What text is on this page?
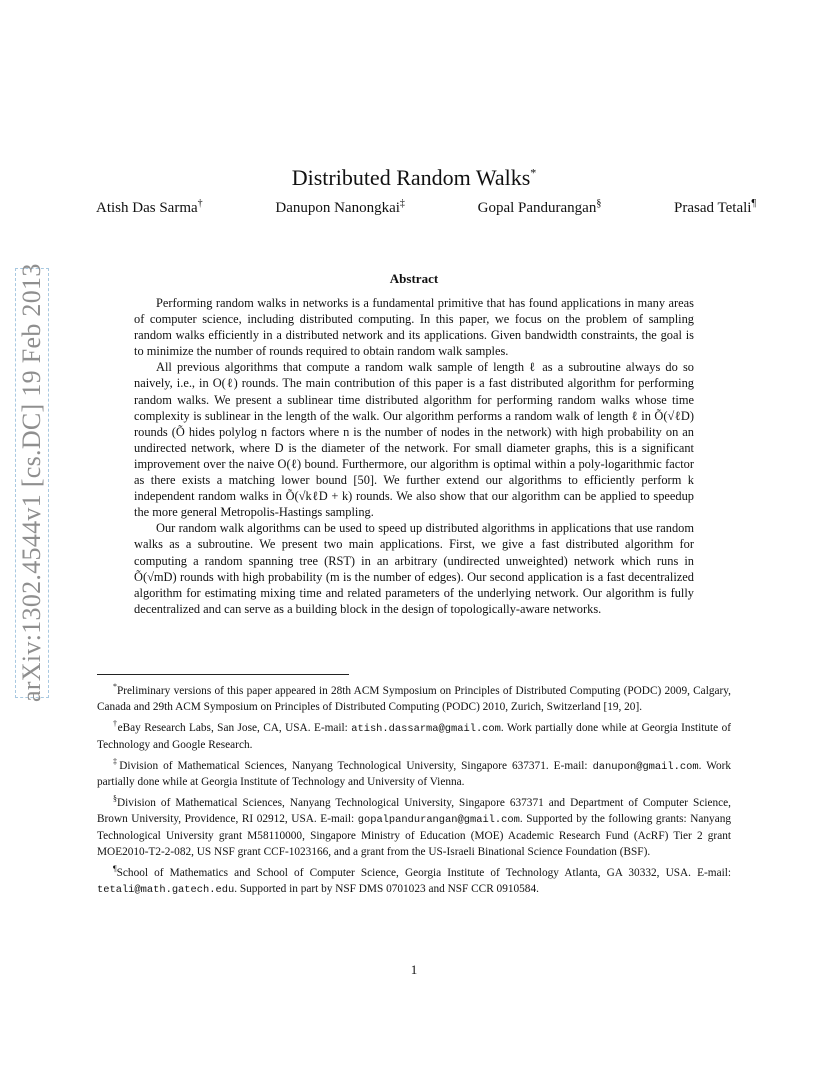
arXiv:1302.4544v1 [cs.DC] 19 Feb 2013
Distributed Random Walks*
Atish Das Sarma†	Danupon Nanongkai‡	Gopal Pandurangan§	Prasad Tetali¶
Abstract

Performing random walks in networks is a fundamental primitive that has found applications in many areas of computer science, including distributed computing. In this paper, we focus on the problem of sampling random walks efficiently in a distributed network and its applications. Given bandwidth constraints, the goal is to minimize the number of rounds required to obtain random walk samples.

All previous algorithms that compute a random walk sample of length ℓ as a subroutine always do so naively, i.e., in O(ℓ) rounds. The main contribution of this paper is a fast distributed algorithm for performing random walks. We present a sublinear time distributed algorithm for performing random walks whose time complexity is sublinear in the length of the walk. Our algorithm performs a random walk of length ℓ in Õ(√ℓD) rounds (Õ hides polylog n factors where n is the number of nodes in the network) with high probability on an undirected network, where D is the diameter of the network. For small diameter graphs, this is a significant improvement over the naive O(ℓ) bound. Furthermore, our algorithm is optimal within a poly-logarithmic factor as there exists a matching lower bound [50]. We further extend our algorithms to efficiently perform k independent random walks in Õ(√kℓD + k) rounds. We also show that our algorithm can be applied to speedup the more general Metropolis-Hastings sampling.

Our random walk algorithms can be used to speed up distributed algorithms in applications that use random walks as a subroutine. We present two main applications. First, we give a fast distributed algorithm for computing a random spanning tree (RST) in an arbitrary (undirected unweighted) network which runs in Õ(√mD) rounds with high probability (m is the number of edges). Our second application is a fast decentralized algorithm for estimating mixing time and related parameters of the underlying network. Our algorithm is fully decentralized and can serve as a building block in the design of topologically-aware networks.

*Preliminary versions of this paper appeared in 28th ACM Symposium on Principles of Distributed Computing (PODC) 2009, Calgary, Canada and 29th ACM Symposium on Principles of Distributed Computing (PODC) 2010, Zurich, Switzerland [19, 20].

†eBay Research Labs, San Jose, CA, USA. E-mail: atish.dassarma@gmail.com. Work partially done while at Georgia Institute of Technology and Google Research.

‡Division of Mathematical Sciences, Nanyang Technological University, Singapore 637371. E-mail: danupon@gmail.com. Work partially done while at Georgia Institute of Technology and University of Vienna.

§Division of Mathematical Sciences, Nanyang Technological University, Singapore 637371 and Department of Computer Science, Brown University, Providence, RI 02912, USA. E-mail: gopalpandurangan@gmail.com. Supported by the following grants: Nanyang Technological University grant M58110000, Singapore Ministry of Education (MOE) Academic Research Fund (AcRF) Tier 2 grant MOE2010-T2-2-082, US NSF grant CCF-1023166, and a grant from the US-Israeli Binational Science Foundation (BSF).

¶School of Mathematics and School of Computer Science, Georgia Institute of Technology Atlanta, GA 30332, USA. E-mail: tetali@math.gatech.edu. Supported in part by NSF DMS 0701023 and NSF CCR 0910584.

1
